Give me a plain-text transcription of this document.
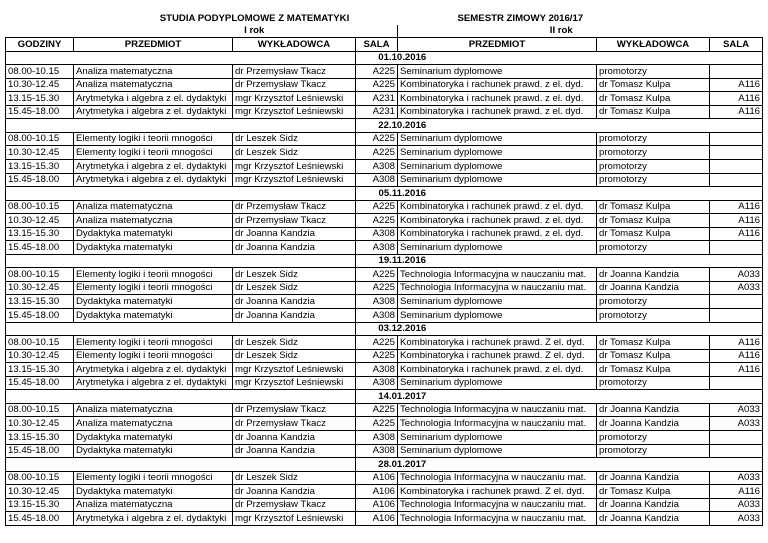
	STUDIA PODYPLOMOWE Z MATEMATYKI			SEMESTR ZIMOWY 2016/17		
	I rok			II rok		
GODZINY	PRZEDMIOT	WYKŁADOWCA	SALA	PRZEDMIOT	WYKŁADOWCA	SALA
			01.10.2016			
08.00-10.15	Analiza matematyczna	dr Przemysław Tkacz	A225	Seminarium dyplomowe	promotorzy	
10.30-12.45	Analiza matematyczna	dr Przemysław Tkacz	A225	Kombinatoryka i rachunek prawd. z el. dyd.	dr Tomasz Kulpa	A116
13.15-15.30	Arytmetyka i algebra z el. dydaktyki	mgr Krzysztof Leśniewski	A231	Kombinatoryka i rachunek prawd. z el. dyd.	dr Tomasz Kulpa	A116
15.45-18.00	Arytmetyka i algebra z el. dydaktyki	mgr Krzysztof Leśniewski	A231	Kombinatoryka i rachunek prawd. z el. dyd.	dr Tomasz Kulpa	A116
			22.10.2016			
08.00-10.15	Elementy logiki i teorii mnogości	dr Leszek Sidz	A225	Seminarium dyplomowe	promotorzy	
10.30-12.45	Elementy logiki i teorii mnogości	dr Leszek Sidz	A225	Seminarium dyplomowe	promotorzy	
13.15-15.30	Arytmetyka i algebra z el. dydaktyki	mgr Krzysztof Leśniewski	A308	Seminarium dyplomowe	promotorzy	
15.45-18.00	Arytmetyka i algebra z el. dydaktyki	mgr Krzysztof Leśniewski	A308	Seminarium dyplomowe	promotorzy	
			05.11.2016			
08.00-10.15	Analiza matematyczna	dr Przemysław Tkacz	A225	Kombinatoryka i rachunek prawd. z el. dyd.	dr Tomasz Kulpa	A116
10.30-12.45	Analiza matematyczna	dr Przemysław Tkacz	A225	Kombinatoryka i rachunek prawd. z el. dyd.	dr Tomasz Kulpa	A116
13.15-15.30	Dydaktyka matematyki	dr Joanna Kandzia	A308	Kombinatoryka i rachunek prawd. z el. dyd.	dr Tomasz Kulpa	A116
15.45-18.00	Dydaktyka matematyki	dr Joanna Kandzia	A308	Seminarium dyplomowe	promotorzy	
			19.11.2016			
08.00-10.15	Elementy logiki i teorii mnogości	dr Leszek Sidz	A225	Technologia Informacyjna w nauczaniu mat.	dr Joanna Kandzia	A033
10.30-12.45	Elementy logiki i teorii mnogości	dr Leszek Sidz	A225	Technologia Informacyjna w nauczaniu mat.	dr Joanna Kandzia	A033
13.15-15.30	Dydaktyka matematyki	dr Joanna Kandzia	A308	Seminarium dyplomowe	promotorzy	
15.45-18.00	Dydaktyka matematyki	dr Joanna Kandzia	A308	Seminarium dyplomowe	promotorzy	
			03.12.2016			
08.00-10.15	Elementy logiki i teorii mnogości	dr Leszek Sidz	A225	Kombinatoryka i rachunek prawd. Z el. dyd.	dr Tomasz Kulpa	A116
10.30-12.45	Elementy logiki i teorii mnogości	dr Leszek Sidz	A225	Kombinatoryka i rachunek prawd. Z el. dyd.	dr Tomasz Kulpa	A116
13.15-15.30	Arytmetyka i algebra z el. dydaktyki	mgr Krzysztof Leśniewski	A308	Kombinatoryka i rachunek prawd. z el. dyd.	dr Tomasz Kulpa	A116
15.45-18.00	Arytmetyka i algebra z el. dydaktyki	mgr Krzysztof Leśniewski	A308	Seminarium dyplomowe	promotorzy	
			14.01.2017			
08.00-10.15	Analiza matematyczna	dr Przemysław Tkacz	A225	Technologia Informacyjna w nauczaniu mat.	dr Joanna Kandzia	A033
10.30-12.45	Analiza matematyczna	dr Przemysław Tkacz	A225	Technologia Informacyjna w nauczaniu mat.	dr Joanna Kandzia	A033
13.15-15.30	Dydaktyka matematyki	dr Joanna Kandzia	A308	Seminarium dyplomowe	promotorzy	
15.45-18.00	Dydaktyka matematyki	dr Joanna Kandzia	A308	Seminarium dyplomowe	promotorzy	
			28.01.2017			
08.00-10.15	Elementy logiki i teorii mnogości	dr Leszek Sidz	A106	Technologia Informacyjna w nauczaniu mat.	dr Joanna Kandzia	A033
10.30-12.45	Dydaktyka matematyki	dr Joanna Kandzia	A106	Kombinatoryka i rachunek prawd. Z el. dyd.	dr Tomasz Kulpa	A116
13.15-15.30	Analiza matematyczna	dr Przemysław Tkacz	A106	Technologia Informacyjna w nauczaniu mat.	dr Joanna Kandzia	A033
15.45-18.00	Arytmetyka i algebra z el. dydaktyki	mgr Krzysztof Leśniewski	A106	Technologia Informacyjna w nauczaniu mat.	dr Joanna Kandzia	A033
